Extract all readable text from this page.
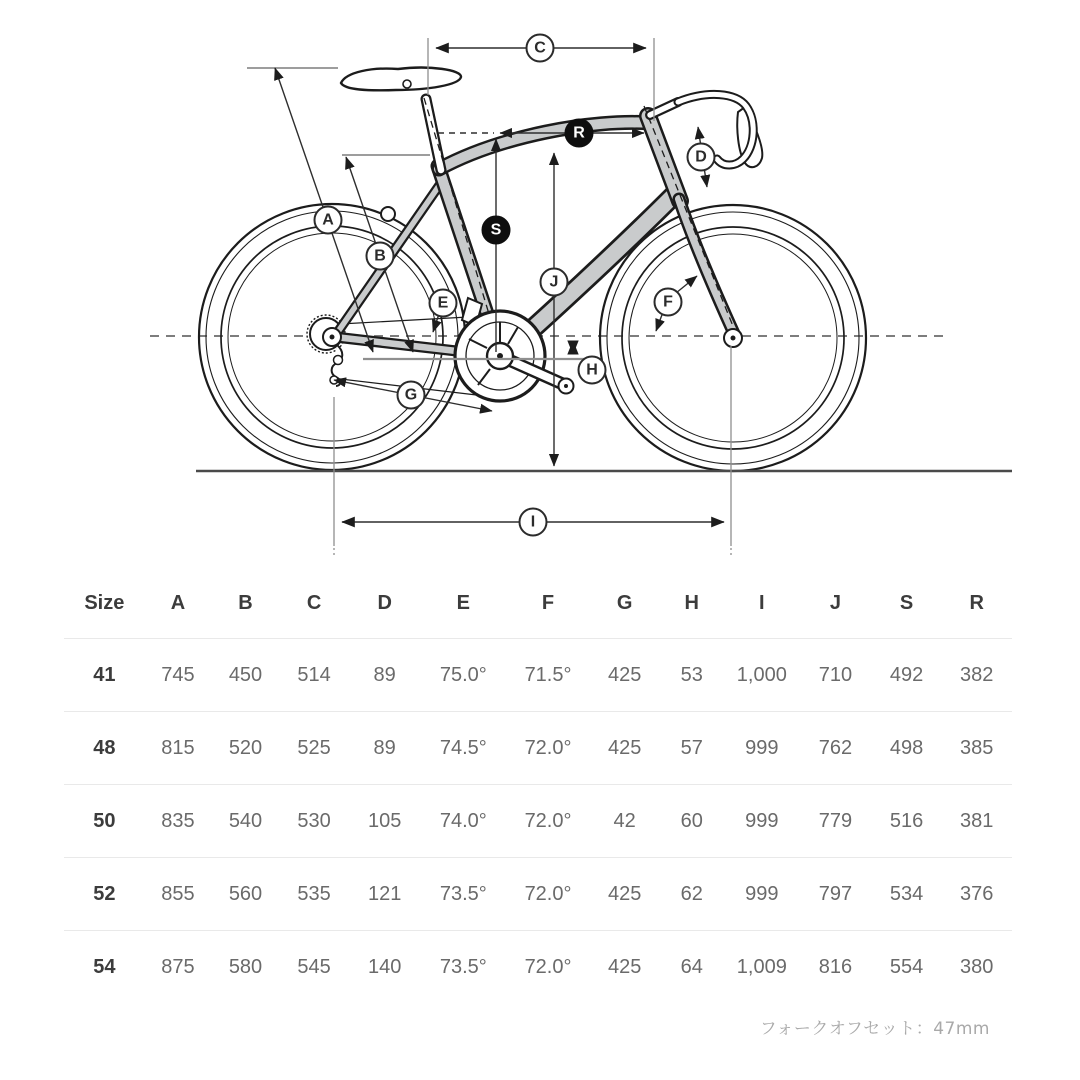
A
B
C
D
E	F
G
H
I
J
S
R
Size	A	B	C	D	E	F	G	H	I	J	S	R
41	745	450	514	89	75.0°	71.5°	425	53	1,000	710	492	382
48	815	520	525	89	74.5°	72.0°	425	57	999	762	498	385
50	835	540	530	105	74.0°	72.0°	42	60	999	779	516	381
52	855	560	535	121	73.5°	72.0°	425	62	999	797	534	376
54	875	580	545	140	73.5°	72.0°	425	64	1,009	816	554	380
フォークオフセット：47mm
